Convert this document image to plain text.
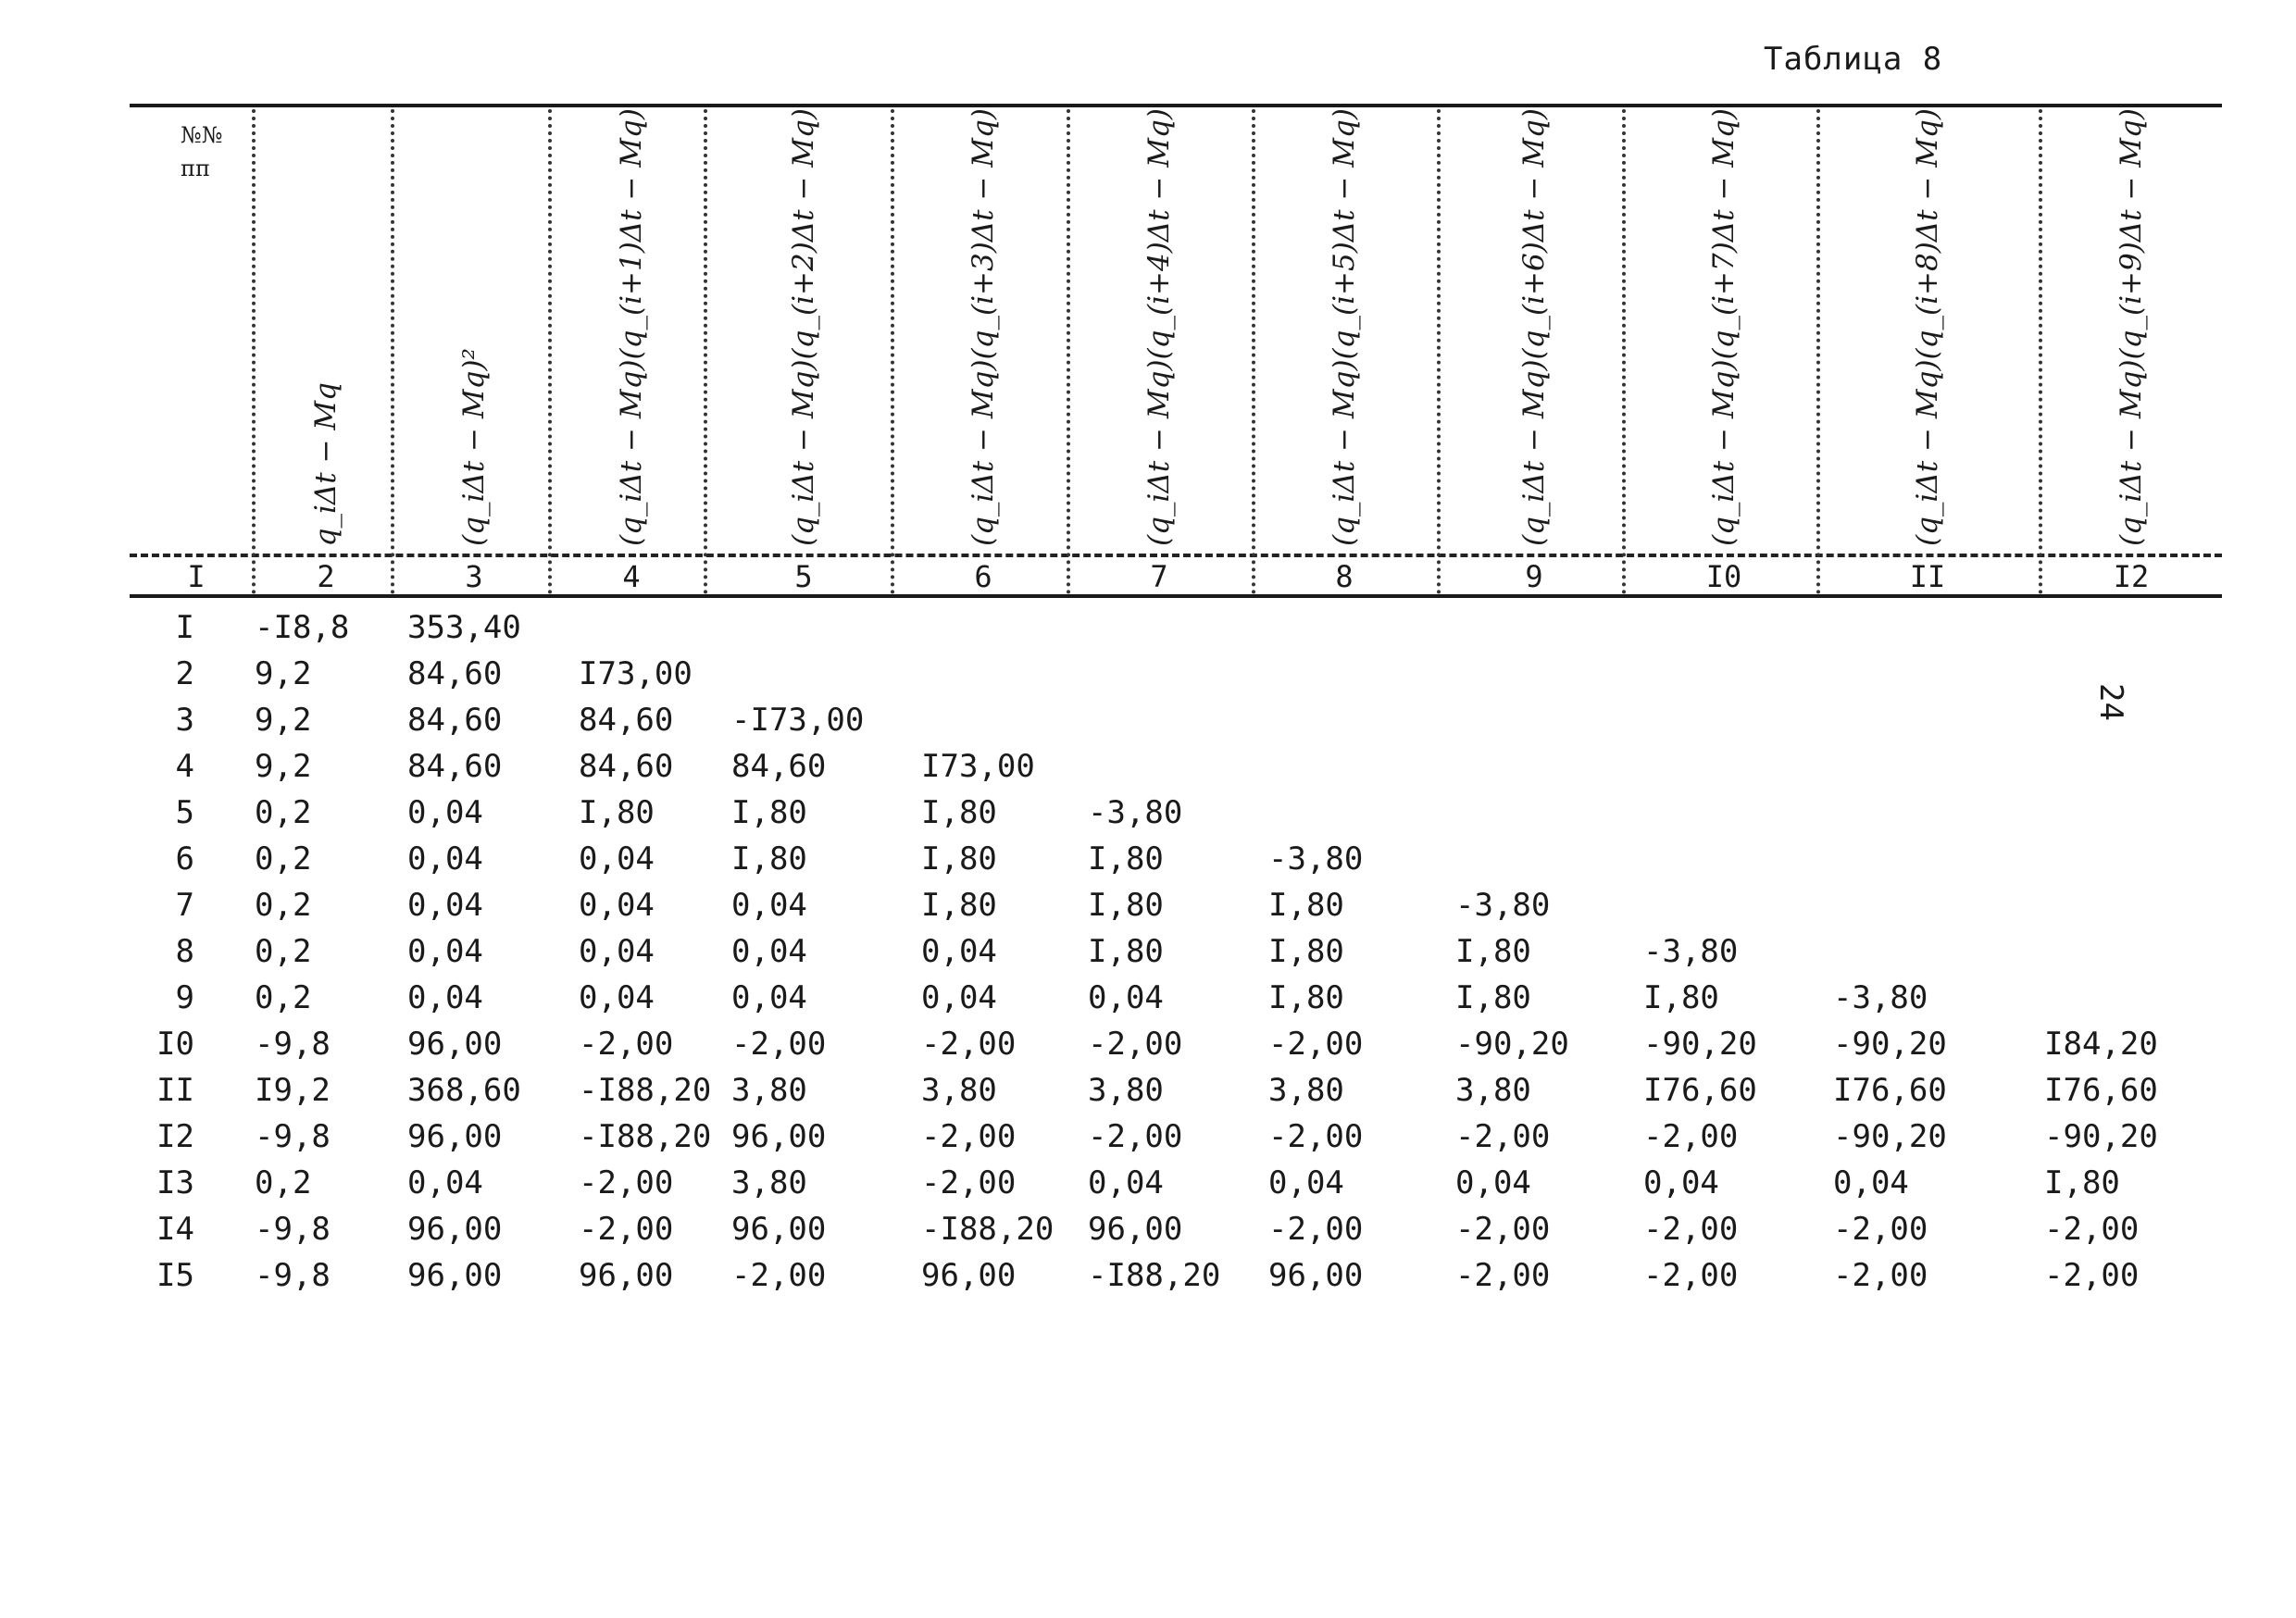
Таблица 8
24
№№
пп
q_iΔt − Mq	(q_iΔt − Mq)²	(q_iΔt − Mq)(q_(i+1)Δt − Mq)	(q_iΔt − Mq)(q_(i+2)Δt − Mq)	(q_iΔt − Mq)(q_(i+3)Δt − Mq)	(q_iΔt − Mq)(q_(i+4)Δt − Mq)	(q_iΔt − Mq)(q_(i+5)Δt − Mq)	(q_iΔt − Mq)(q_(i+6)Δt − Mq)	(q_iΔt − Mq)(q_(i+7)Δt − Mq)	(q_iΔt − Mq)(q_(i+8)Δt − Mq)	(q_iΔt − Mq)(q_(i+9)Δt − Mq)
I	2	3	4	5	6	7	8	9	I0	II	I2
I -I8,8 353,40
2 9,2	84,60 I73,00
3 9,2	84,60 84,60 -I73,00
4 9,2	84,60 84,60 84,60	I73,00
5 0,2	0,04	I,80 I,80	I,80	-3,80
6 0,2	0,04	0,04 I,80	I,80	I,80	-3,80
7 0,2	0,04	0,04 0,04	I,80	I,80	I,80	-3,80
8 0,2	0,04	0,04 0,04	0,04	I,80	I,80	I,80	-3,80
9 0,2	0,04	0,04 0,04	0,04	0,04	I,80	I,80	I,80	-3,80
I0 -9,8 96,00 -2,00 -2,00	-2,00 -2,00	-2,00	-90,20 -90,20 -90,20	I84,20
II I9,2 368,60 -I88,20 3,80	3,80	3,80	3,80	3,80	I76,60 I76,60	I76,60
I2 -9,8 96,00 -I88,20 96,00	-2,00 -2,00	-2,00	-2,00	-2,00	-90,20	-90,20
I3 0,2	0,04	-2,00 3,80	-2,00 0,04	0,04	0,04	0,04	0,04	I,80
I4 -9,8 96,00 -2,00 96,00	-I88,20 96,00	-2,00	-2,00	-2,00	-2,00	-2,00
I5 -9,8 96,00 96,00 -2,00	96,00 -I88,20 96,00	-2,00	-2,00	-2,00	-2,00
